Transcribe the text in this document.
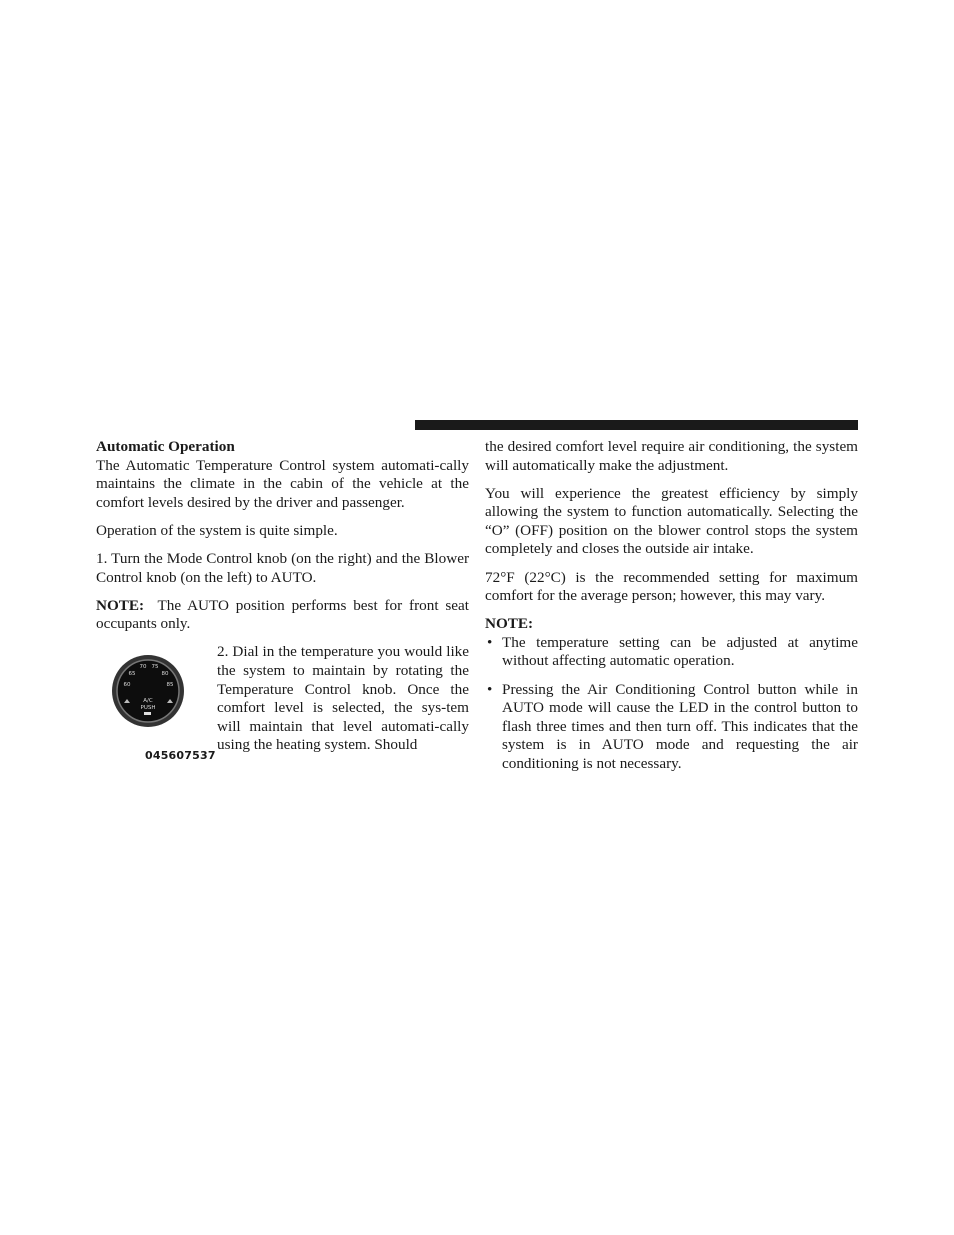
Automatic Operation

The Automatic Temperature Control system automati-cally maintains the climate in the cabin of the vehicle at the comfort levels desired by the driver and passenger.

Operation of the system is quite simple.

1. Turn the Mode Control knob (on the right) and the Blower Control knob (on the left) to AUTO.

NOTE: The AUTO position performs best for front seat occupants only.

60
65
70 75
80
85
A/C
PUSH
045607537
2. Dial in the temperature you would like the system to maintain by rotating the Temperature Control knob. Once the comfort level is selected, the sys-tem will maintain that level automati-cally using the heating system. Should

the desired comfort level require air conditioning, the system will automatically make the adjustment.

You will experience the greatest efficiency by simply allowing the system to function automatically. Selecting the “O” (OFF) position on the blower control stops the system completely and closes the outside air intake.

72°F (22°C) is the recommended setting for maximum comfort for the average person; however, this may vary.

NOTE:

• The temperature setting can be adjusted at anytime without affecting automatic operation.
• Pressing the Air Conditioning Control button while in AUTO mode will cause the LED in the control button to flash three times and then turn off. This indicates that the system is in AUTO mode and requesting the air conditioning is not necessary.
